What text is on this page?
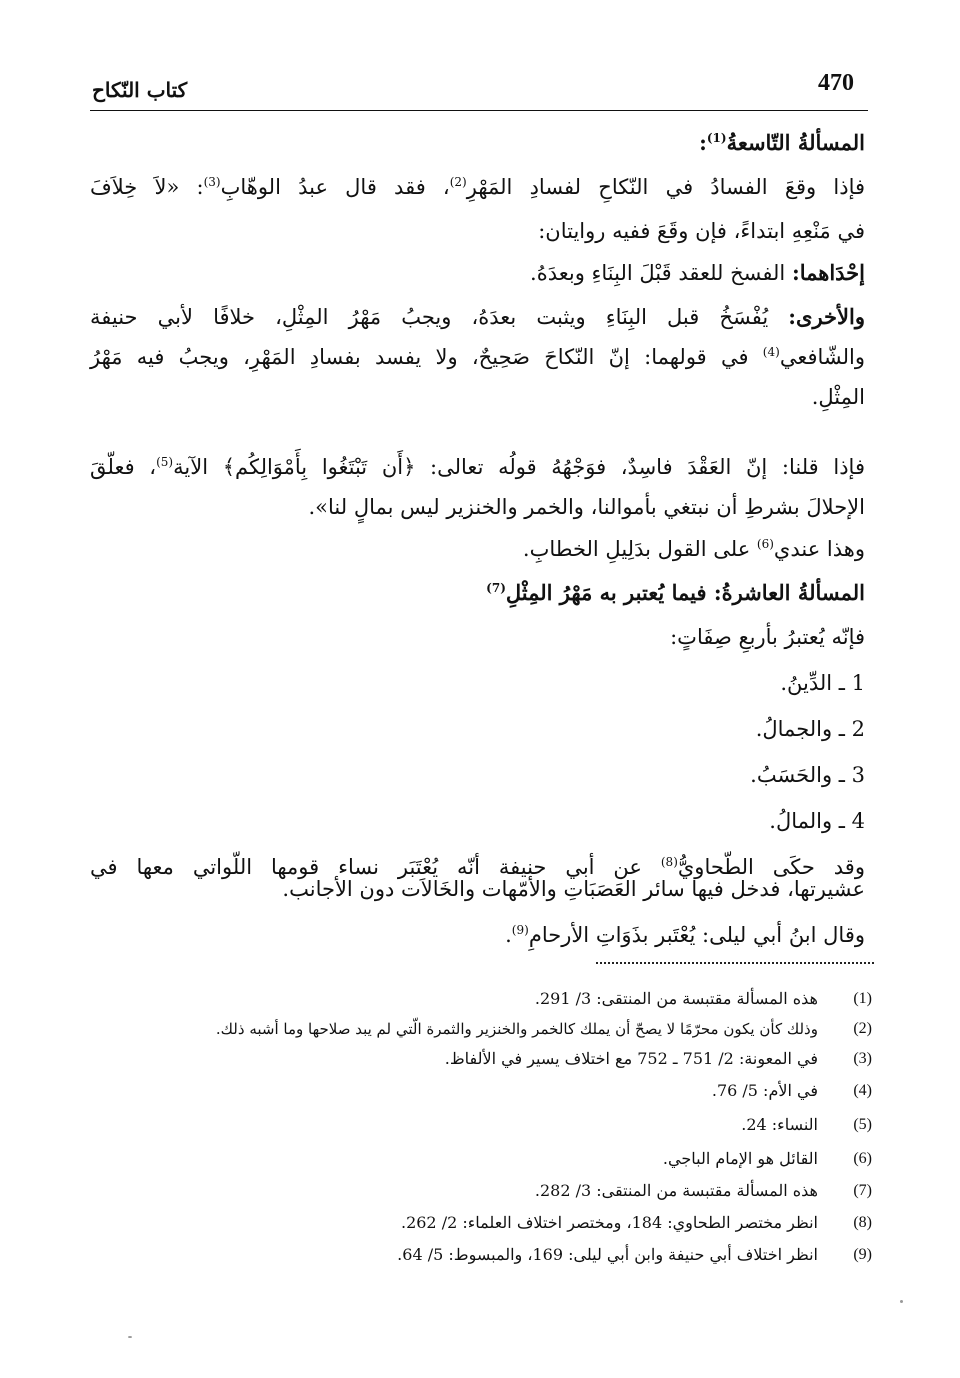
470
كتاب النّكاح
المسألةُ التّاسعةُ$^{(1)}$:
فإذا وقعَ الفسادُ في النّكاحِ لفسادِ المَهْرِ$^{(2)}$، فقد قال عبدُ الوهّابِ$^{(3)}$: «لاَ خِلاَفَ
في مَنْعِهِ ابتداءً، فإن وقَعَ ففيه روايتان:
إحْدَاهما: الفسخ للعقد قَبْلَ البِنَاءِ وبعدَهُ.
والأخرى: يُفْسَخُ قبل البِنَاءِ ويثبت بعدَهُ، ويجبُ مَهْرُ المِثْلِ، خلافًا لأبي حنيفة
والشّافعي$^{(4)}$ في قولهما: إنّ النّكاحَ صَحِيحٌ، ولا يفسد بفسادِ المَهْرِ، ويجبُ فيه مَهْرُ
المِثْلِ.
فإذا قلنا: إنّ العَقْدَ فاسِدٌ، فوَجْهُهُ قولُه تعالى: ﴿أَن تَبْتَغُوا بِأَمْوَالِكُم﴾ الآية$^{(5)}$، فعلّقَ
الإحلالَ بشرطِ أن نبتغي بأموالنا، والخمر والخنزير ليس بمالٍ لنا».
وهذا عندي$^{(6)}$ على القول بدَلِيلِ الخطابِ.
المسألةُ العاشرةُ: فيما يُعتبر به مَهْرُ المِثْلِ$^{(7)}$
فإنّه يُعتبرُ بأربعِ صِفَاتٍ:
1 ـ الدِّينُ.
2 ـ والجمالُ.
3 ـ والحَسَبُ.
4 ـ والمالُ.
وقد حكَى الطّحاويُّ$^{(8)}$ عن أبي حنيفة أنّه يُعْتَبَر نساء قومها اللّواتي معها في
عشيرتها، فدخل فيها سائر العَصَبَاتِ والأمّهات والخَالاَت دون الأجانب.
وقال ابنُ أبي ليلى: يُعْتَبر بذَوَاتِ الأرحامِ$^{(9)}$.
(1)
هذه المسألة مقتبسة من المنتقى: 3/ 291.
(2)
وذلك كأن يكون محرّمًا لا يصحّ أن يملك كالخمر والخنزير والثمرة الّتي لم يبد صلاحها وما أشبه ذلك.
(3)
في المعونة: 2/ 751 ـ 752 مع اختلاف يسير في الألفاظ.
(4)
في الأم: 5/ 76.
(5)
النساء: 24.
(6)
القائل هو الإمام الباجي.
(7)
هذه المسألة مقتبسة من المنتقى: 3/ 282.
(8)
انظر مختصر الطحاوي: 184، ومختصر اختلاف العلماء: 2/ 262.
(9)
انظر اختلاف أبي حنيفة وابن أبي ليلى: 169، والمبسوط: 5/ 64.
